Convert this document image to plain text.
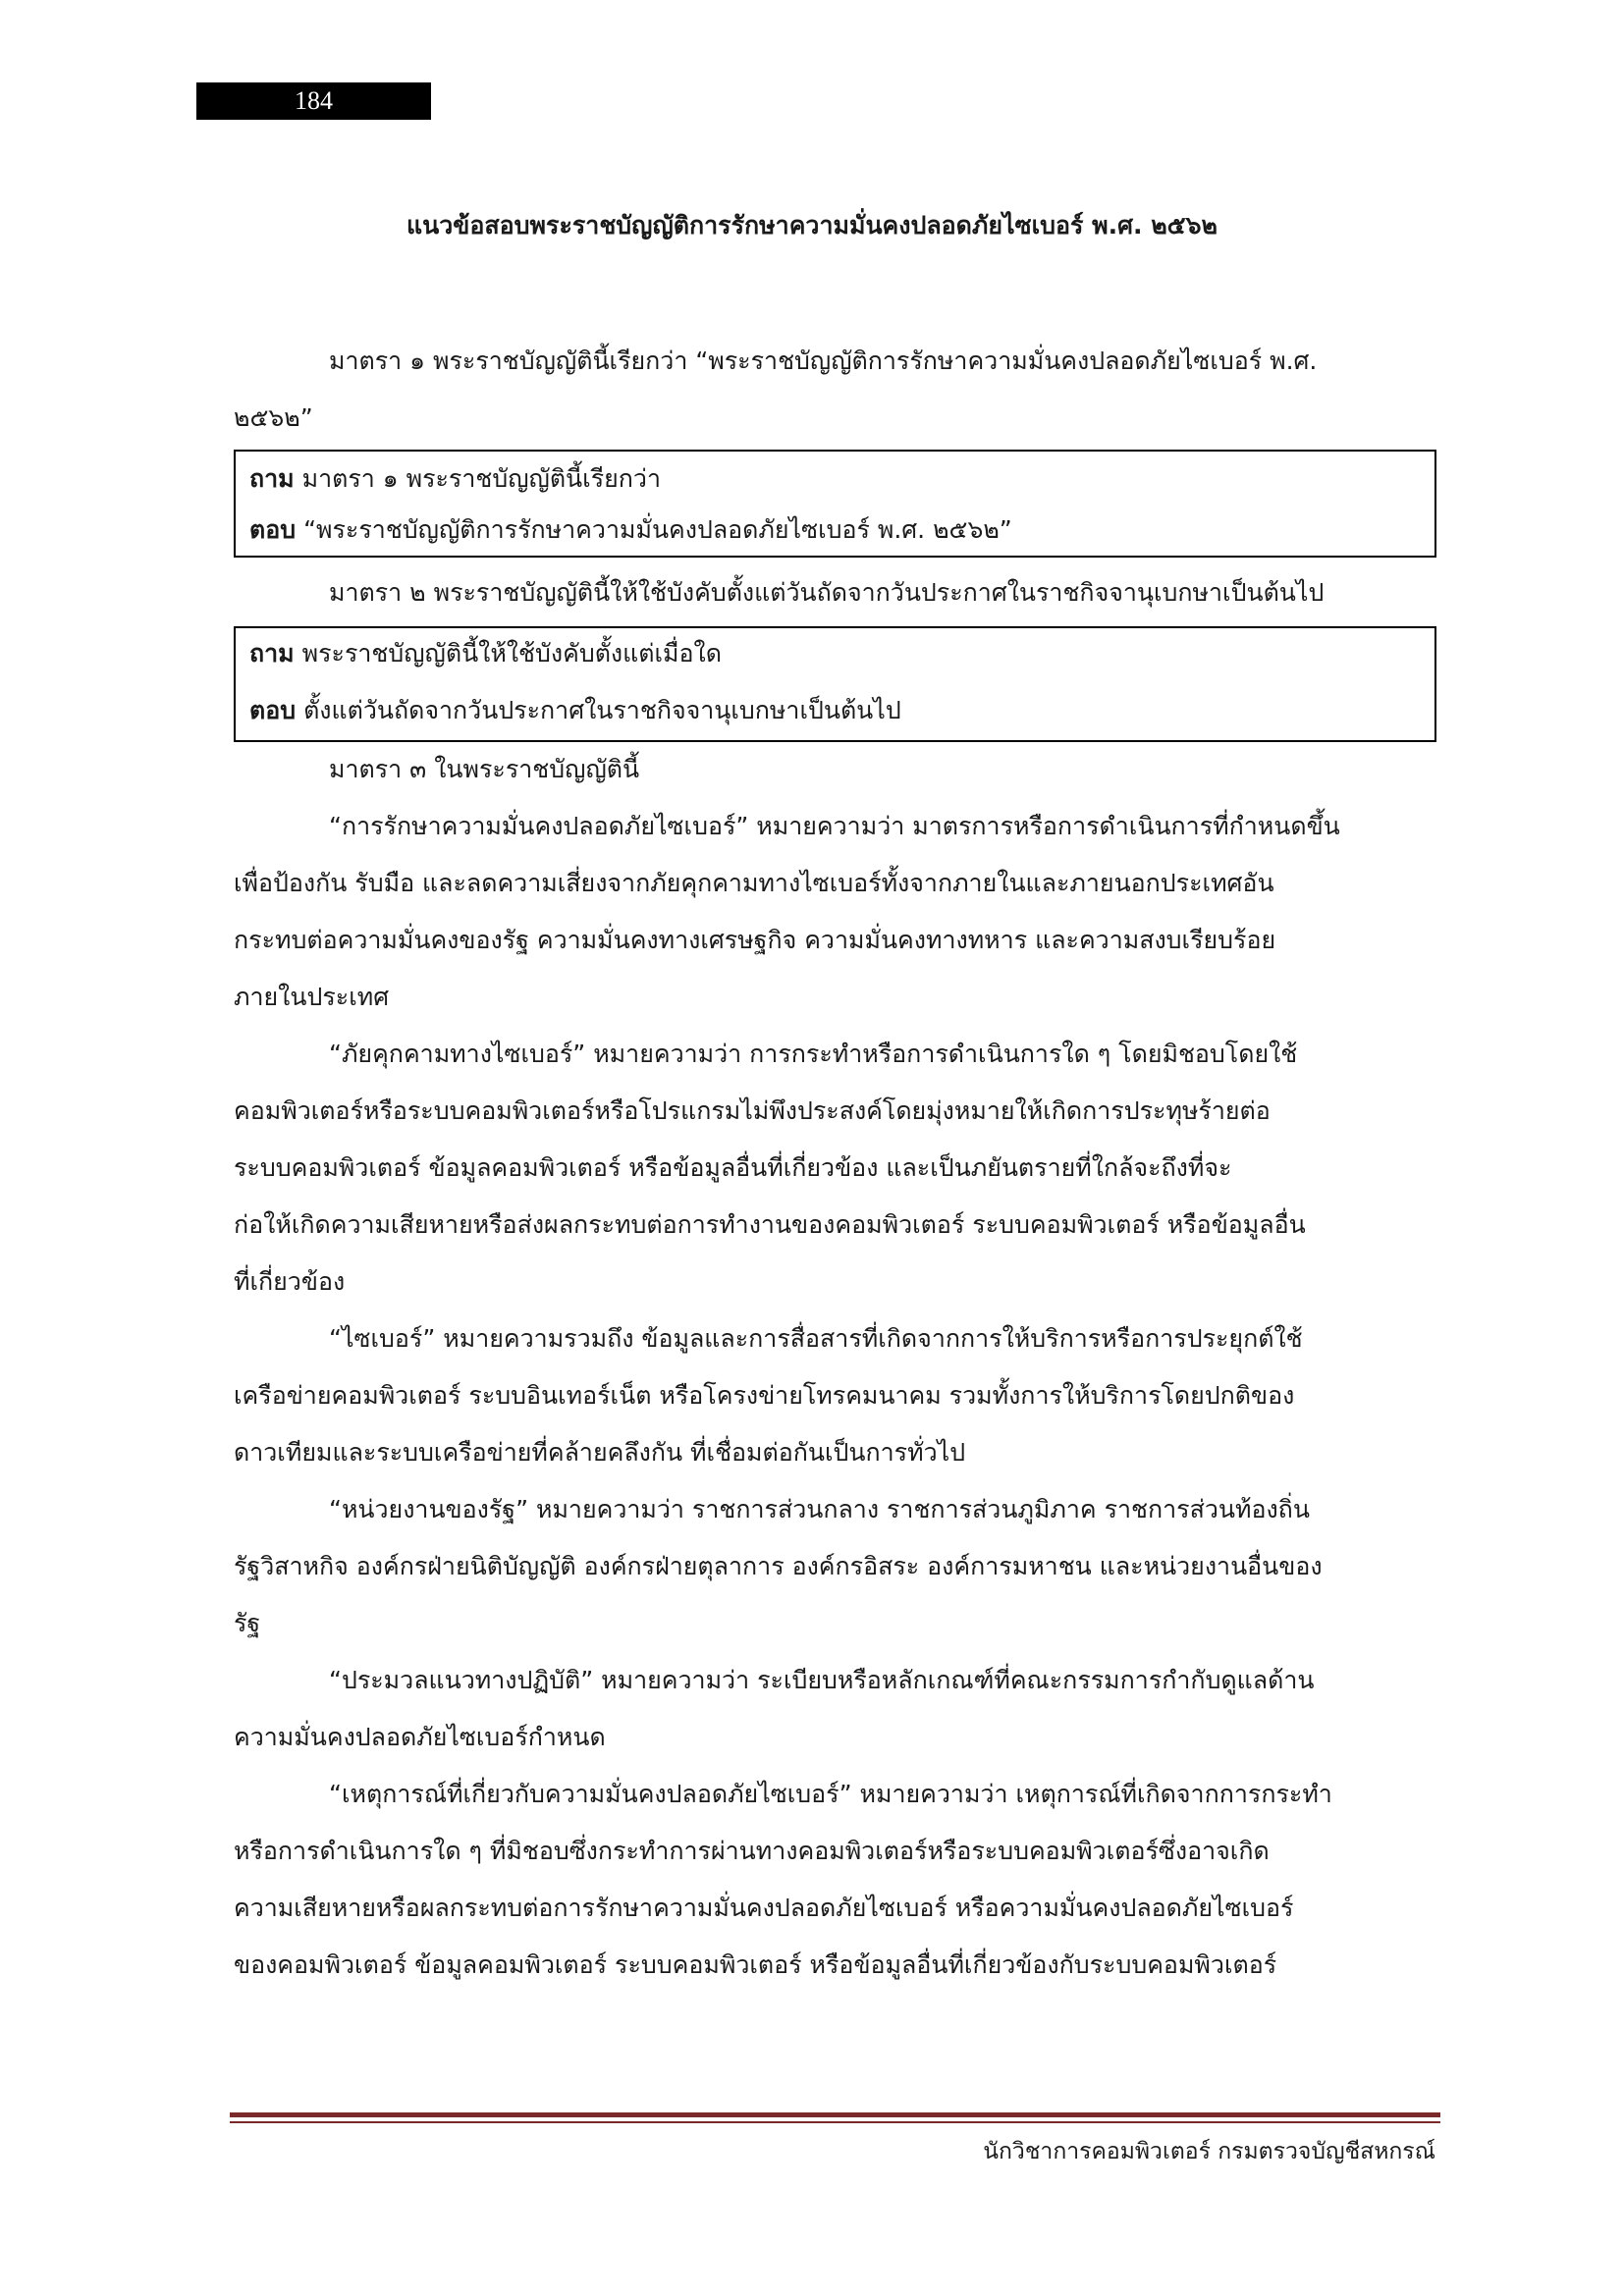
184
แนวข้อสอบพระราชบัญญัติการรักษาความมั่นคงปลอดภัยไซเบอร์ พ.ศ. ๒๕๖๒
มาตรา ๑ พระราชบัญญัตินี้เรียกว่า “พระราชบัญญัติการรักษาความมั่นคงปลอดภัยไซเบอร์ พ.ศ.
๒๕๖๒”
ถาม มาตรา ๑ พระราชบัญญัตินี้เรียกว่า
ตอบ “พระราชบัญญัติการรักษาความมั่นคงปลอดภัยไซเบอร์ พ.ศ. ๒๕๖๒”
มาตรา ๒ พระราชบัญญัตินี้ให้ใช้บังคับตั้งแต่วันถัดจากวันประกาศในราชกิจจานุเบกษาเป็นต้นไป
ถาม พระราชบัญญัตินี้ให้ใช้บังคับตั้งแต่เมื่อใด
ตอบ ตั้งแต่วันถัดจากวันประกาศในราชกิจจานุเบกษาเป็นต้นไป
มาตรา ๓ ในพระราชบัญญัตินี้
“การรักษาความมั่นคงปลอดภัยไซเบอร์” หมายความว่า มาตรการหรือการดำเนินการที่กำหนดขึ้น
เพื่อป้องกัน รับมือ และลดความเสี่ยงจากภัยคุกคามทางไซเบอร์ทั้งจากภายในและภายนอกประเทศอัน
กระทบต่อความมั่นคงของรัฐ ความมั่นคงทางเศรษฐกิจ ความมั่นคงทางทหาร และความสงบเรียบร้อย
ภายในประเทศ
“ภัยคุกคามทางไซเบอร์” หมายความว่า การกระทำหรือการดำเนินการใด ๆ โดยมิชอบโดยใช้
คอมพิวเตอร์หรือระบบคอมพิวเตอร์หรือโปรแกรมไม่พึงประสงค์โดยมุ่งหมายให้เกิดการประทุษร้ายต่อ
ระบบคอมพิวเตอร์ ข้อมูลคอมพิวเตอร์ หรือข้อมูลอื่นที่เกี่ยวข้อง และเป็นภยันตรายที่ใกล้จะถึงที่จะ
ก่อให้เกิดความเสียหายหรือส่งผลกระทบต่อการทำงานของคอมพิวเตอร์ ระบบคอมพิวเตอร์ หรือข้อมูลอื่น
ที่เกี่ยวข้อง
“ไซเบอร์” หมายความรวมถึง ข้อมูลและการสื่อสารที่เกิดจากการให้บริการหรือการประยุกต์ใช้
เครือข่ายคอมพิวเตอร์ ระบบอินเทอร์เน็ต หรือโครงข่ายโทรคมนาคม รวมทั้งการให้บริการโดยปกติของ
ดาวเทียมและระบบเครือข่ายที่คล้ายคลึงกัน ที่เชื่อมต่อกันเป็นการทั่วไป
“หน่วยงานของรัฐ” หมายความว่า ราชการส่วนกลาง ราชการส่วนภูมิภาค ราชการส่วนท้องถิ่น
รัฐวิสาหกิจ องค์กรฝ่ายนิติบัญญัติ องค์กรฝ่ายตุลาการ องค์กรอิสระ องค์การมหาชน และหน่วยงานอื่นของ
รัฐ
“ประมวลแนวทางปฏิบัติ” หมายความว่า ระเบียบหรือหลักเกณฑ์ที่คณะกรรมการกำกับดูแลด้าน
ความมั่นคงปลอดภัยไซเบอร์กำหนด
“เหตุการณ์ที่เกี่ยวกับความมั่นคงปลอดภัยไซเบอร์” หมายความว่า เหตุการณ์ที่เกิดจากการกระทำ
หรือการดำเนินการใด ๆ ที่มิชอบซึ่งกระทำการผ่านทางคอมพิวเตอร์หรือระบบคอมพิวเตอร์ซึ่งอาจเกิด
ความเสียหายหรือผลกระทบต่อการรักษาความมั่นคงปลอดภัยไซเบอร์ หรือความมั่นคงปลอดภัยไซเบอร์
ของคอมพิวเตอร์ ข้อมูลคอมพิวเตอร์ ระบบคอมพิวเตอร์ หรือข้อมูลอื่นที่เกี่ยวข้องกับระบบคอมพิวเตอร์
นักวิชาการคอมพิวเตอร์ กรมตรวจบัญชีสหกรณ์
